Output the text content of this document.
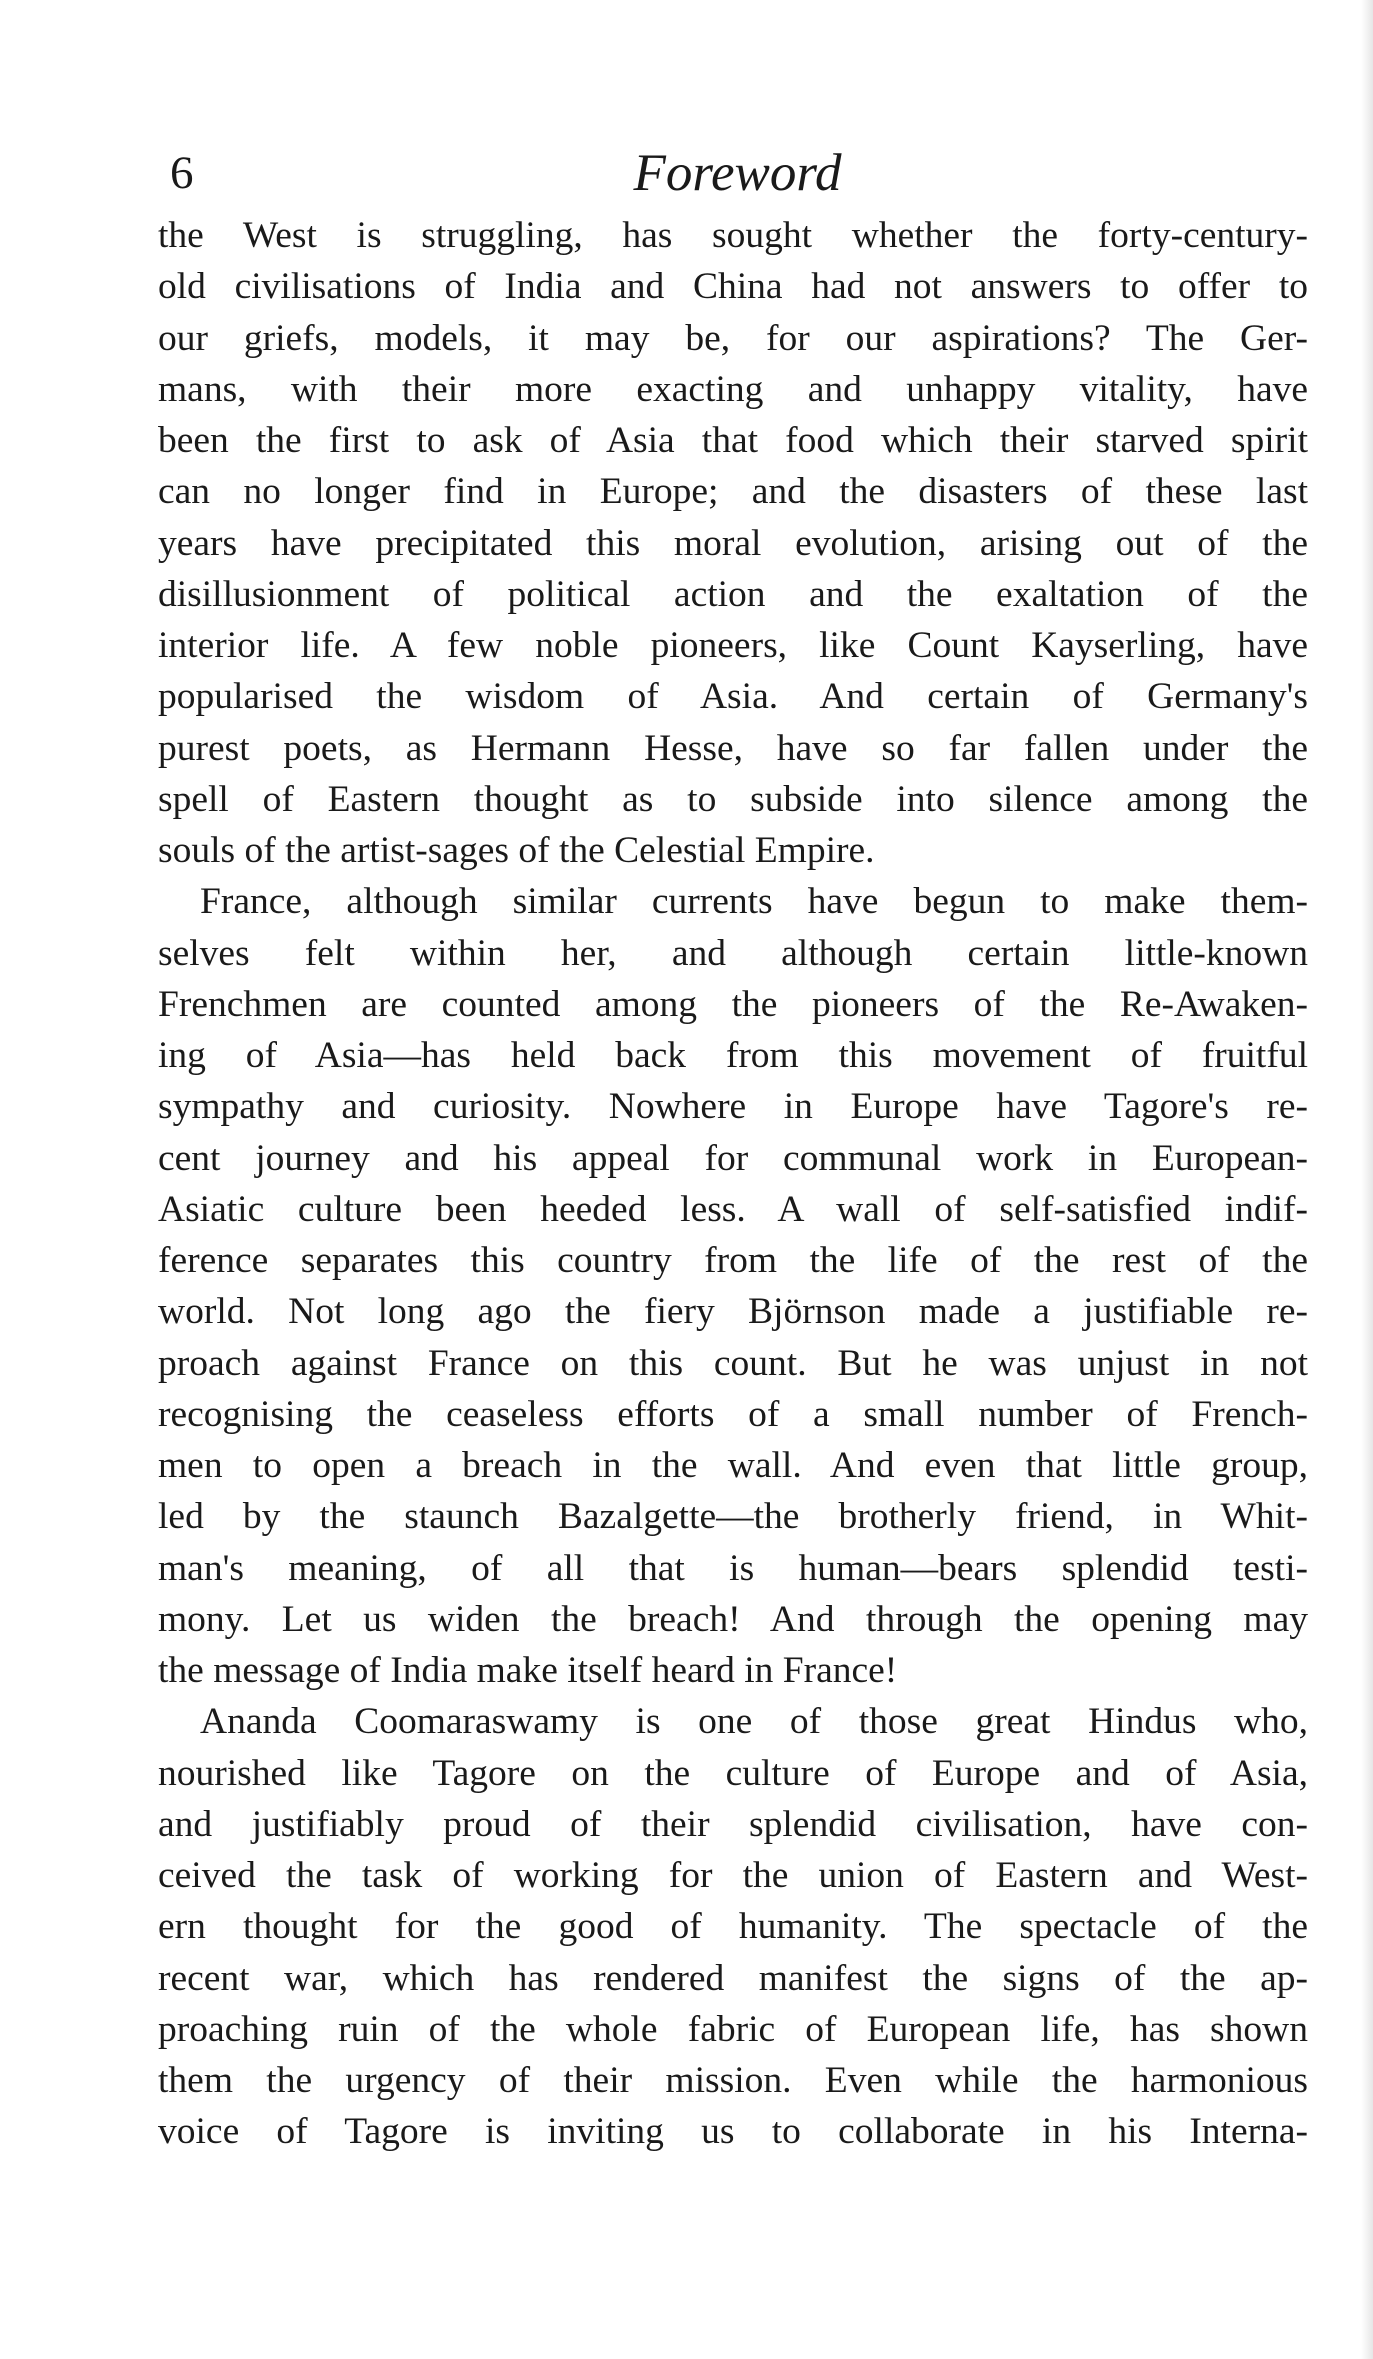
6	Foreword
the West is struggling, has sought whether the forty-century-
old civilisations of India and China had not answers to offer to
our griefs, models, it may be, for our aspirations? The Ger-
mans, with their more exacting and unhappy vitality, have
been the first to ask of Asia that food which their starved spirit
can no longer find in Europe; and the disasters of these last
years have precipitated this moral evolution, arising out of the
disillusionment of political action and the exaltation of the
interior life. A few noble pioneers, like Count Kayserling, have
popularised the wisdom of Asia. And certain of Germany's
purest poets, as Hermann Hesse, have so far fallen under the
spell of Eastern thought as to subside into silence among the
souls of the artist-sages of the Celestial Empire.
France, although similar currents have begun to make them-
selves felt within her, and although certain little-known
Frenchmen are counted among the pioneers of the Re-Awaken-
ing of Asia—has held back from this movement of fruitful
sympathy and curiosity. Nowhere in Europe have Tagore's re-
cent journey and his appeal for communal work in European-
Asiatic culture been heeded less. A wall of self-satisfied indif-
ference separates this country from the life of the rest of the
world. Not long ago the fiery Björnson made a justifiable re-
proach against France on this count. But he was unjust in not
recognising the ceaseless efforts of a small number of French-
men to open a breach in the wall. And even that little group,
led by the staunch Bazalgette—the brotherly friend, in Whit-
man's meaning, of all that is human—bears splendid testi-
mony. Let us widen the breach! And through the opening may
the message of India make itself heard in France!
Ananda Coomaraswamy is one of those great Hindus who,
nourished like Tagore on the culture of Europe and of Asia,
and justifiably proud of their splendid civilisation, have con-
ceived the task of working for the union of Eastern and West-
ern thought for the good of humanity. The spectacle of the
recent war, which has rendered manifest the signs of the ap-
proaching ruin of the whole fabric of European life, has shown
them the urgency of their mission. Even while the harmonious
voice of Tagore is inviting us to collaborate in his Interna-
